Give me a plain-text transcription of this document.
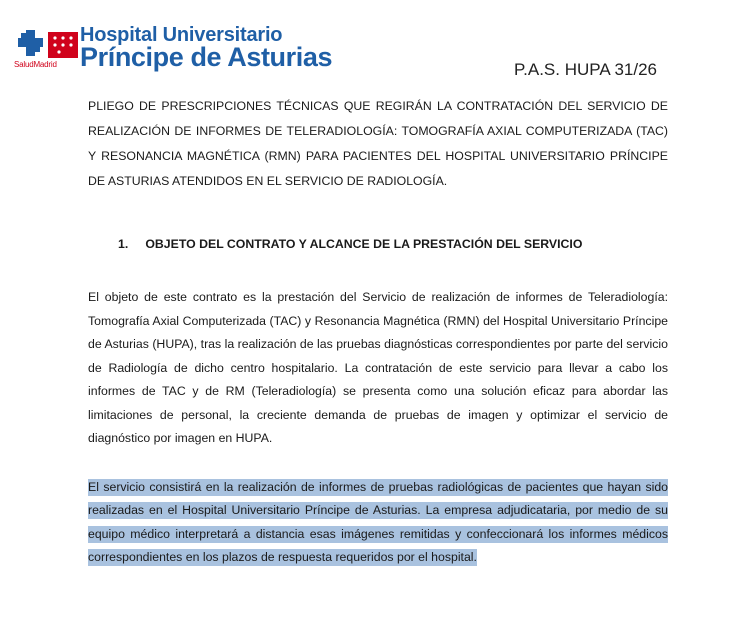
SaludMadrid
Hospital Universitario
Príncipe de Asturias	P.A.S. HUPA 31/26

PLIEGO DE PRESCRIPCIONES TÉCNICAS QUE REGIRÁN LA CONTRATACIÓN DEL SERVICIO DE REALIZACIÓN DE INFORMES DE TELERADIOLOGÍA: TOMOGRAFÍA AXIAL COMPUTERIZADA (TAC) Y RESONANCIA MAGNÉTICA (RMN) PARA PACIENTES DEL HOSPITAL UNIVERSITARIO PRÍNCIPE DE ASTURIAS ATENDIDOS EN EL SERVICIO DE RADIOLOGÍA.

1. OBJETO DEL CONTRATO Y ALCANCE DE LA PRESTACIÓN DEL SERVICIO

El objeto de este contrato es la prestación del Servicio de realización de informes de Teleradiología: Tomografía Axial Computerizada (TAC) y Resonancia Magnética (RMN) del Hospital Universitario Príncipe de Asturias (HUPA), tras la realización de las pruebas diagnósticas correspondientes por parte del servicio de Radiología de dicho centro hospitalario. La contratación de este servicio para llevar a cabo los informes de TAC y de RM (Teleradiología) se presenta como una solución eficaz para abordar las limitaciones de personal, la creciente demanda de pruebas de imagen y optimizar el servicio de diagnóstico por imagen en HUPA.

El servicio consistirá en la realización de informes de pruebas radiológicas de pacientes que hayan sido realizadas en el Hospital Universitario Príncipe de Asturias. La empresa adjudicataria, por medio de su equipo médico interpretará a distancia esas imágenes remitidas y confeccionará los informes médicos correspondientes en los plazos de respuesta requeridos por el hospital.
